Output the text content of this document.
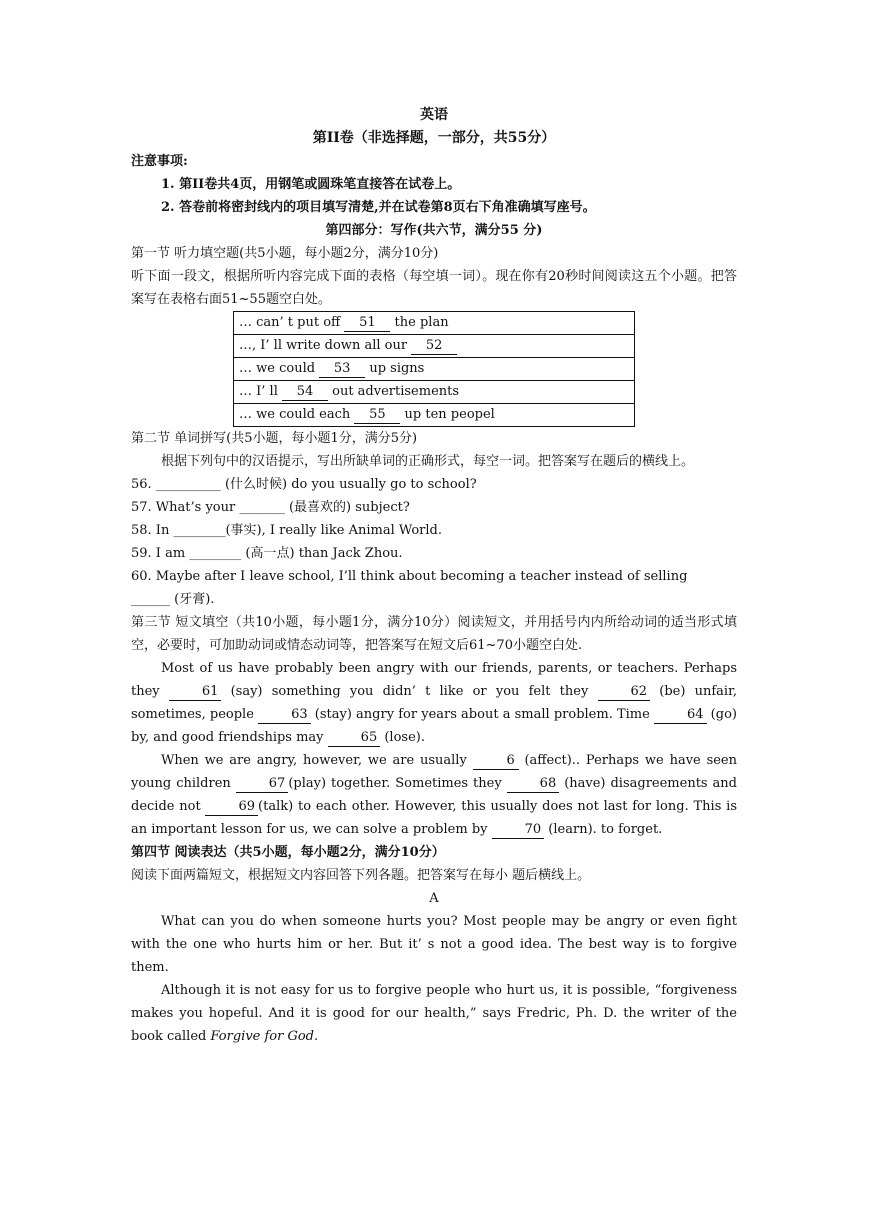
英语
第II卷（非选择题，一部分，共55分）
注意事项:
1. 第II卷共4页，用钢笔或圆珠笔直接答在试卷上。
2. 答卷前将密封线内的项目填写清楚,并在试卷第8页右下角准确填写座号。
第四部分：写作(共六节，满分55 分)
第一节 听力填空题(共5小题，每小题2分，满分10分)
听下面一段文，根据所听内容完成下面的表格（每空填一词）。现在你有20秒时间阅读这五个小题。把答案写在表格右面51~55题空白处。
… can’ t put off 51 the plan
…, I’ ll write down all our 52
… we could 53 up signs
… I’ ll 54 out advertisements
… we could each 55 up ten peopel
第二节 单词拼写(共5小题，每小题1分，满分5分)
根据下列句中的汉语提示，写出所缺单词的正确形式，每空一词。把答案写在题后的横线上。
56. __________ (什么时候) do you usually go to school?
57. What’s your _______ (最喜欢的) subject?
58. In ________(事实), I really like Animal World.
59. I am ________ (高一点) than Jack Zhou.
60. Maybe after I leave school, I’ll think about becoming a teacher instead of selling
______ (牙膏).
第三节 短文填空（共10小题，每小题1分，满分10分）阅读短文，并用括号内内所给动词的适当形式填空，必要时，可加助动词或情态动词等，把答案写在短文后61~70小题空白处.
Most of us have probably been angry with our friends, parents, or teachers. Perhaps they	61 (say) something you didn’ t like or you felt they	62 (be) unfair, sometimes, people	63 (stay) angry for years about a small problem. Time	64 (go) by, and good friendships may	65 (lose).
When we are angry, however, we are usually	6 (affect).. Perhaps we have seen young children	67 (play) together. Sometimes they	68 (have) disagreements and decide not	69 (talk) to each other. However, this usually does not last for long. This is an important lesson for us, we can solve a problem by	70 (learn). to forget.
第四节 阅读表达（共5小题，每小题2分，满分10分）
阅读下面两篇短文，根据短文内容回答下列各题。把答案写在每小 题后横线上。
A
What can you do when someone hurts you? Most people may be angry or even fight with the one who hurts him or her. But it’ s not a good idea. The best way is to forgive them.
Although it is not easy for us to forgive people who hurt us, it is possible, “forgiveness makes you hopeful. And it is good for our health,” says Fredric, Ph. D. the writer of the book called Forgive for God.
